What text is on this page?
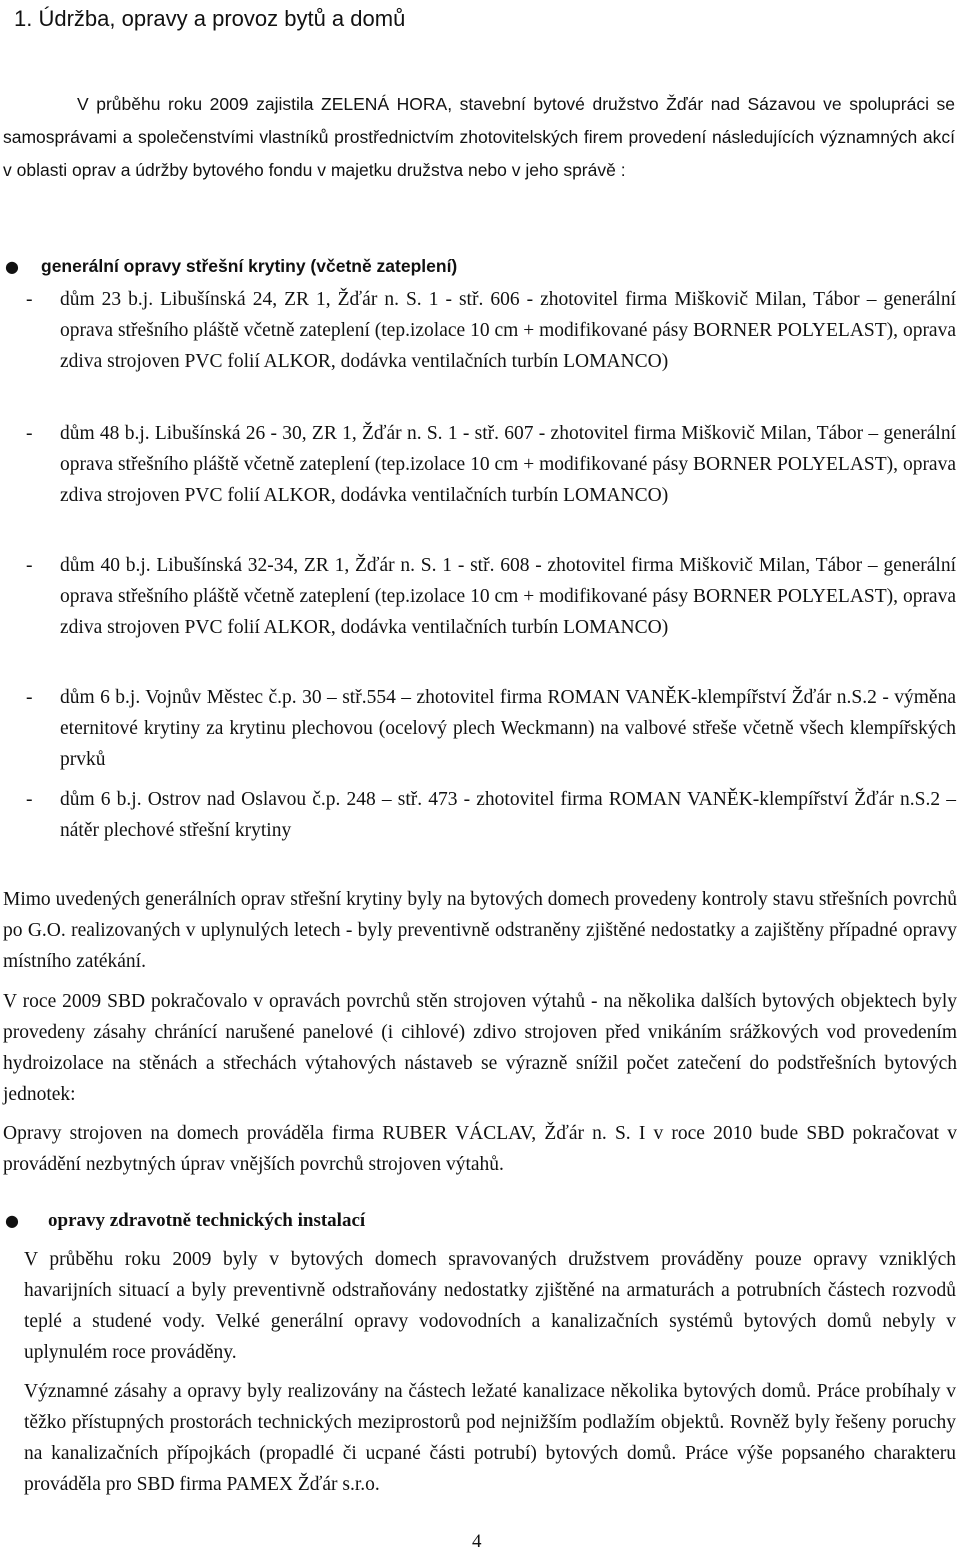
1. Údržba, opravy a provoz bytů a domů

V průběhu roku 2009 zajistila ZELENÁ HORA, stavební bytové družstvo Žďár nad Sázavou ve spolupráci se samosprávami a společenstvími vlastníků prostřednictvím zhotovitelských firem provedení následujících významných akcí v oblasti oprav a údržby bytového fondu v majetku družstva nebo v jeho správě :

● generální opravy střešní krytiny (včetně zateplení)
- dům 23 b.j. Libušínská 24, ZR 1, Žďár n. S. 1 - stř. 606 - zhotovitel firma Miškovič Milan, Tábor – generální oprava střešního pláště včetně zateplení (tep.izolace 10 cm + modifikované pásy BORNER POLYELAST), oprava zdiva strojoven PVC folií ALKOR, dodávka ventilačních turbín LOMANCO)
- dům 48 b.j. Libušínská 26 - 30, ZR 1, Žďár n. S. 1 - stř. 607 - zhotovitel firma Miškovič Milan, Tábor – generální oprava střešního pláště včetně zateplení (tep.izolace 10 cm + modifikované pásy BORNER POLYELAST), oprava zdiva strojoven PVC folií ALKOR, dodávka ventilačních turbín LOMANCO)
- dům 40 b.j. Libušínská 32-34, ZR 1, Žďár n. S. 1 - stř. 608 - zhotovitel firma Miškovič Milan, Tábor – generální oprava střešního pláště včetně zateplení (tep.izolace 10 cm + modifikované pásy BORNER POLYELAST), oprava zdiva strojoven PVC folií ALKOR, dodávka ventilačních turbín LOMANCO)
- dům 6 b.j. Vojnův Městec č.p. 30 – stř.554 – zhotovitel firma ROMAN VANĚK-klempířství Žďár n.S.2 - výměna eternitové krytiny za krytinu plechovou (ocelový plech Weckmann) na valbové střeše včetně všech klempířských prvků
- dům 6 b.j. Ostrov nad Oslavou č.p. 248 – stř. 473 - zhotovitel firma ROMAN VANĚK-klempířství Žďár n.S.2 – nátěr plechové střešní krytiny

Mimo uvedených generálních oprav střešní krytiny byly na bytových domech provedeny kontroly stavu střešních povrchů po G.O. realizovaných v uplynulých letech - byly preventivně odstraněny zjištěné nedostatky a zajištěny případné opravy místního zatékání.

V roce 2009 SBD pokračovalo v opravách povrchů stěn strojoven výtahů - na několika dalších bytových objektech byly provedeny zásahy chránící narušené panelové (i cihlové) zdivo strojoven před vnikáním srážkových vod provedením hydroizolace na stěnách a střechách výtahových nástaveb se výrazně snížil počet zatečení do podstřešních bytových jednotek:

Opravy strojoven na domech prováděla firma RUBER VÁCLAV, Žďár n. S. I v roce 2010 bude SBD pokračovat v provádění nezbytných úprav vnějších povrchů strojoven výtahů.

● opravy zdravotně technických instalací

V průběhu roku 2009 byly v bytových domech spravovaných družstvem prováděny pouze opravy vzniklých havarijních situací a byly preventivně odstraňovány nedostatky zjištěné na armaturách a potrubních částech rozvodů teplé a studené vody. Velké generální opravy vodovodních a kanalizačních systémů bytových domů nebyly v uplynulém roce prováděny.

Významné zásahy a opravy byly realizovány na částech ležaté kanalizace několika bytových domů. Práce probíhaly v těžko přístupných prostorách technických meziprostorů pod nejnižším podlažím objektů. Rovněž byly řešeny poruchy na kanalizačních přípojkách (propadlé či ucpané části potrubí) bytových domů. Práce výše popsaného charakteru prováděla pro SBD firma PAMEX Žďár s.r.o.

4
